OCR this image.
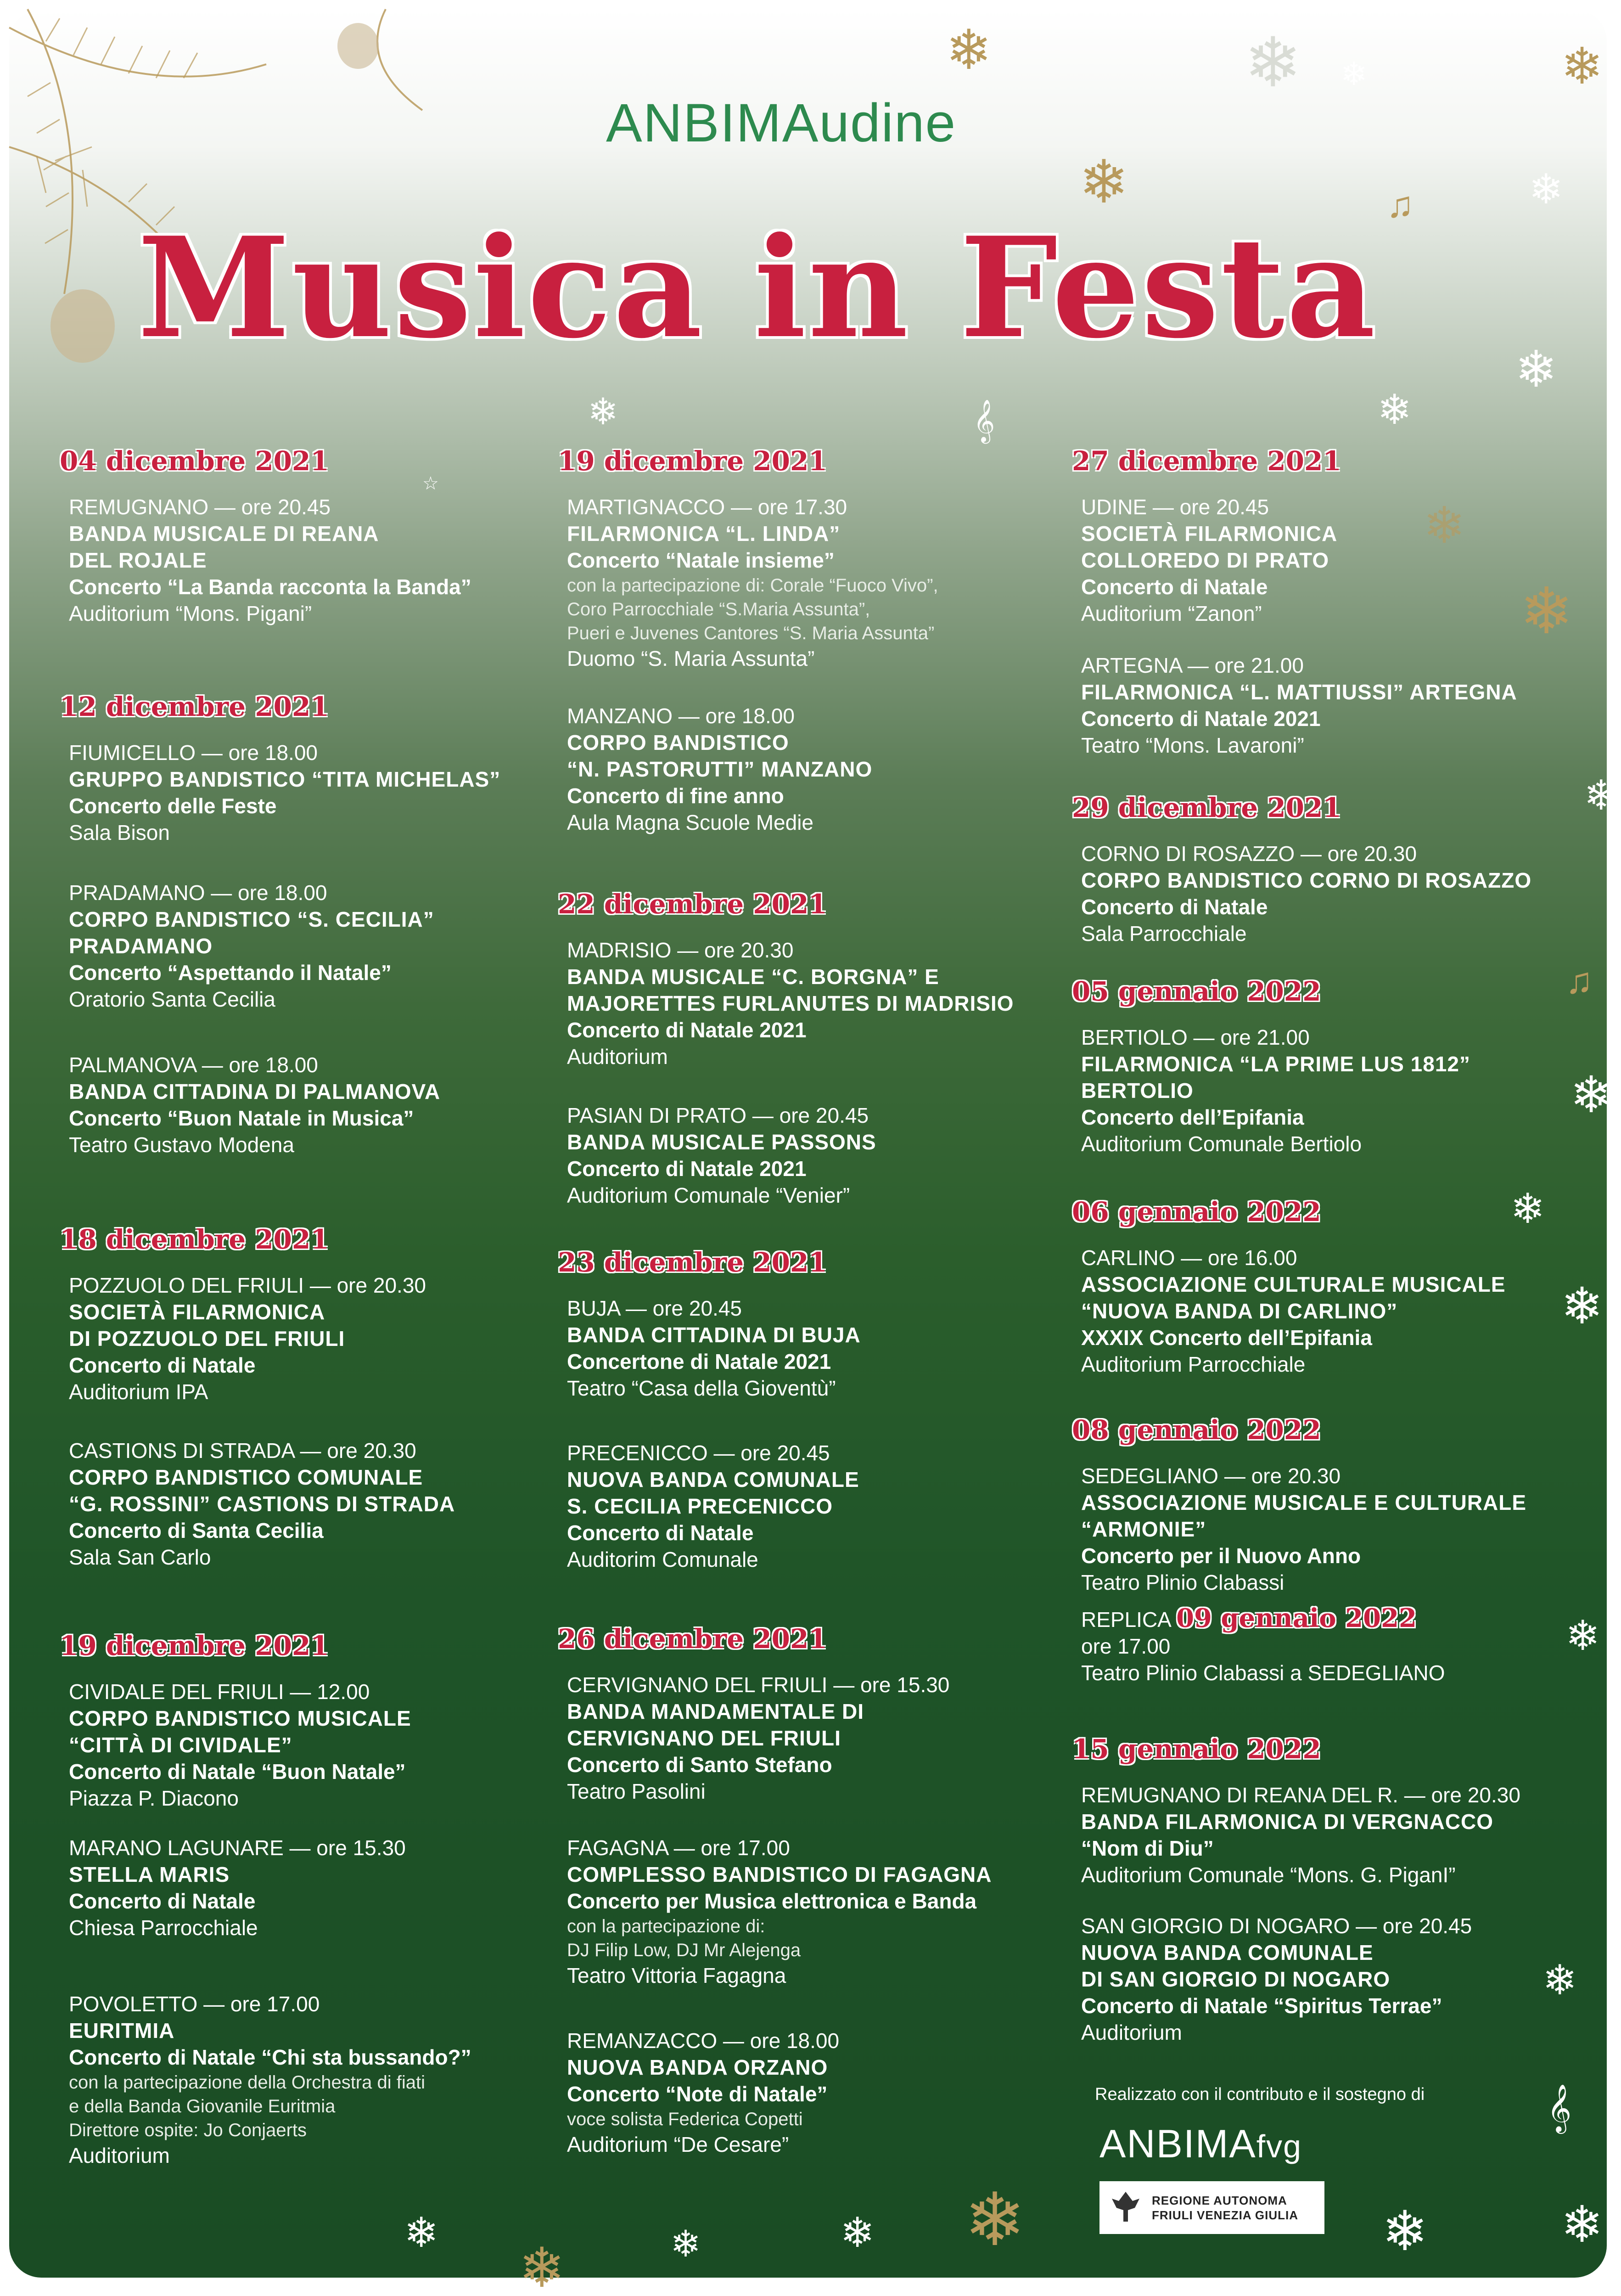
❄	❄ ❄	❄
❄	❄
♫
❄
❄
❄	𝄞
☆
❄
❄
❄
♫
❄
❄
❄
❄
❄
𝄞
❄
❄	❄	❄ ❄	❄
❄
ANBIMAudine
Musica in Festa
04 dicembre 2021
REMUGNANO — ore 20.45
BANDA MUSICALE DI REANA
DEL ROJALE
Concerto “La Banda racconta la Banda”
Auditorium “Mons. Pigani”
12 dicembre 2021
FIUMICELLO — ore 18.00
GRUPPO BANDISTICO “TITA MICHELAS”
Concerto delle Feste
Sala Bison
PRADAMANO — ore 18.00
CORPO BANDISTICO “S. CECILIA”
PRADAMANO
Concerto “Aspettando il Natale”
Oratorio Santa Cecilia
PALMANOVA — ore 18.00
BANDA CITTADINA DI PALMANOVA
Concerto “Buon Natale in Musica”
Teatro Gustavo Modena
18 dicembre 2021
POZZUOLO DEL FRIULI — ore 20.30
SOCIETÀ FILARMONICA
DI POZZUOLO DEL FRIULI
Concerto di Natale
Auditorium IPA
CASTIONS DI STRADA — ore 20.30
CORPO BANDISTICO COMUNALE
“G. ROSSINI” CASTIONS DI STRADA
Concerto di Santa Cecilia
Sala San Carlo
19 dicembre 2021
CIVIDALE DEL FRIULI — 12.00
CORPO BANDISTICO MUSICALE
“CITTÀ DI CIVIDALE”
Concerto di Natale “Buon Natale”
Piazza P. Diacono
MARANO LAGUNARE — ore 15.30
STELLA MARIS
Concerto di Natale
Chiesa Parrocchiale
POVOLETTO — ore 17.00
EURITMIA
Concerto di Natale “Chi sta bussando?”
con la partecipazione della Orchestra di fiati
e della Banda Giovanile Euritmia
Direttore ospite: Jo Conjaerts
Auditorium
19 dicembre 2021
MARTIGNACCO — ore 17.30
FILARMONICA “L. LINDA”
Concerto “Natale insieme”
con la partecipazione di: Corale “Fuoco Vivo”,
Coro Parrocchiale “S.Maria Assunta”,
Pueri e Juvenes Cantores “S. Maria Assunta”
Duomo “S. Maria Assunta”
MANZANO — ore 18.00
CORPO BANDISTICO
“N. PASTORUTTI” MANZANO
Concerto di fine anno
Aula Magna Scuole Medie
22 dicembre 2021
MADRISIO — ore 20.30
BANDA MUSICALE “C. BORGNA” E
MAJORETTES FURLANUTES DI MADRISIO
Concerto di Natale 2021
Auditorium
PASIAN DI PRATO — ore 20.45
BANDA MUSICALE PASSONS
Concerto di Natale 2021
Auditorium Comunale “Venier”
23 dicembre 2021
BUJA — ore 20.45
BANDA CITTADINA DI BUJA
Concertone di Natale 2021
Teatro “Casa della Gioventù”
PRECENICCO — ore 20.45
NUOVA BANDA COMUNALE
S. CECILIA PRECENICCO
Concerto di Natale
Auditorim Comunale
26 dicembre 2021
CERVIGNANO DEL FRIULI — ore 15.30
BANDA MANDAMENTALE DI
CERVIGNANO DEL FRIULI
Concerto di Santo Stefano
Teatro Pasolini
FAGAGNA — ore 17.00
COMPLESSO BANDISTICO DI FAGAGNA
Concerto per Musica elettronica e Banda
con la partecipazione di:
DJ Filip Low, DJ Mr Alejenga
Teatro Vittoria Fagagna
REMANZACCO — ore 18.00
NUOVA BANDA ORZANO
Concerto “Note di Natale”
voce solista Federica Copetti
Auditorium “De Cesare”
27 dicembre 2021
UDINE — ore 20.45
SOCIETÀ FILARMONICA
COLLOREDO DI PRATO
Concerto di Natale
Auditorium “Zanon”
ARTEGNA — ore 21.00
FILARMONICA “L. MATTIUSSI” ARTEGNA
Concerto di Natale 2021
Teatro “Mons. Lavaroni”
29 dicembre 2021
CORNO DI ROSAZZO — ore 20.30
CORPO BANDISTICO CORNO DI ROSAZZO
Concerto di Natale
Sala Parrocchiale
05 gennaio 2022
BERTIOLO — ore 21.00
FILARMONICA “LA PRIME LUS 1812”
BERTOLIO
Concerto dell’Epifania
Auditorium Comunale Bertiolo
06 gennaio 2022
CARLINO — ore 16.00
ASSOCIAZIONE CULTURALE MUSICALE
“NUOVA BANDA DI CARLINO”
XXXIX Concerto dell’Epifania
Auditorium Parrocchiale
08 gennaio 2022
SEDEGLIANO — ore 20.30
ASSOCIAZIONE MUSICALE E CULTURALE
“ARMONIE”
Concerto per il Nuovo Anno
Teatro Plinio Clabassi
15 gennaio 2022
REMUGNANO DI REANA DEL R. — ore 20.30
BANDA FILARMONICA DI VERGNACCO
“Nom di Diu”
Auditorium Comunale “Mons. G. PiganI”
SAN GIORGIO DI NOGARO — ore 20.45
NUOVA BANDA COMUNALE
DI SAN GIORGIO DI NOGARO
Concerto di Natale “Spiritus Terrae”
Auditorium
REPLICA 09 gennaio 2022
ore 17.00
Teatro Plinio Clabassi a SEDEGLIANO
Realizzato con il contributo e il sostegno di
ANBIMAfvg
REGIONE AUTONOMA
FRIULI VENEZIA GIULIA
